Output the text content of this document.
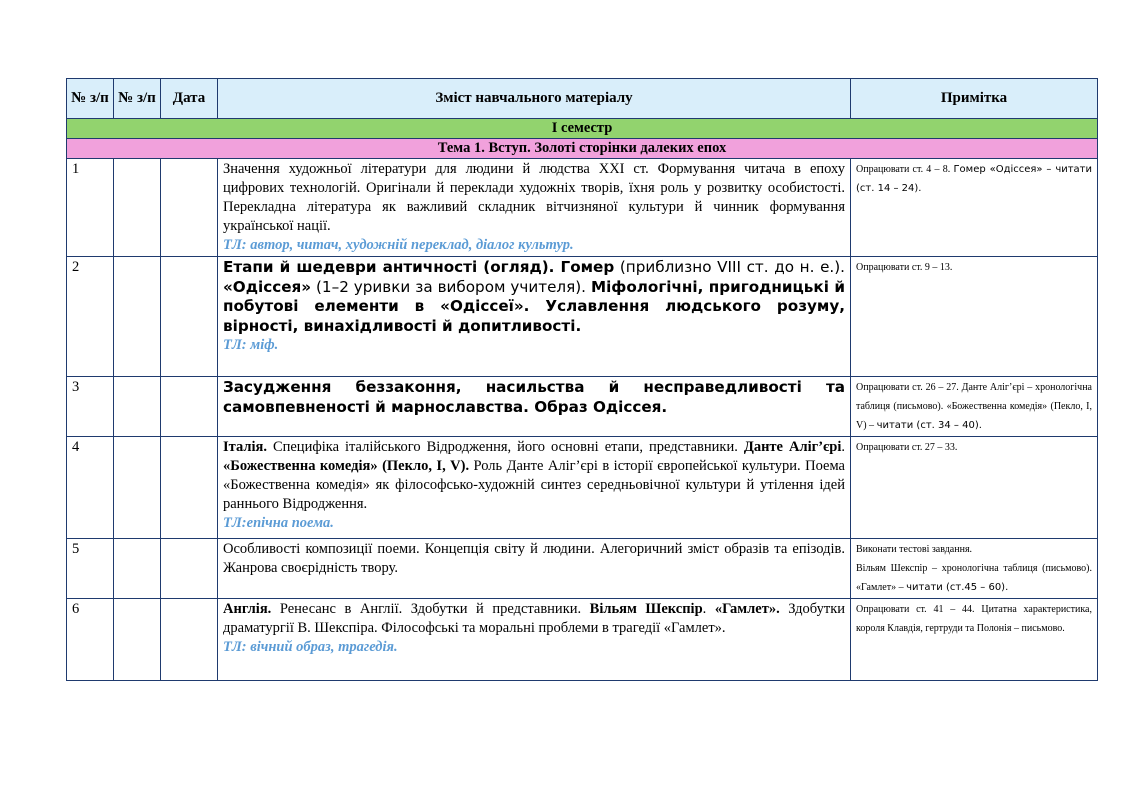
№ з/п	№ з/п	Дата	Зміст навчального матеріалу	Примітка
І семестр				
Тема 1. Вступ. Золоті сторінки далеких епох				
1			Значення художньої літератури для людини й людства XXI ст. Формування читача в епоху цифрових технологій. Оригінали й переклади художніх творів, їхня роль у розвитку особистості. Перекладна література як важливий складник вітчизняної культури й чинник формування української нації.
ТЛ: автор, читач, художній переклад, діалог культур.	Опрацювати ст. 4 – 8. Гомер «Одіссея» – читати (ст. 14 – 24).
2			Етапи й шедеври античності (огляд). Гомер (приблизно VIII ст. до н. е.). «Одіссея» (1–2 уривки за вибором учителя). Міфологічні, пригодницькі й побутові елементи в «Одіссеї». Уславлення людського розуму, вірності, винахідливості й допитливості.
ТЛ: міф.	Опрацювати ст. 9 – 13.
3			Засудження беззаконня, насильства й несправедливості та самовпевненості й марнославства. Образ Одіссея.	Опрацювати ст. 26 – 27. Данте Аліг’єрі – хронологічна таблиця (письмово). «Божественна комедія» (Пекло, І, V) – читати (ст. 34 – 40).
4			Італія. Специфіка італійського Відродження, його основні етапи, представники. Данте Аліг’єрі. «Божественна комедія» (Пекло, І, V). Роль Данте Аліг’єрі в історії європейської культури. Поема «Божественна комедія» як філософсько-художній синтез середньовічної культури й утілення ідей раннього Відродження.
ТЛ:епічна поема.	Опрацювати ст. 27 – 33.
5			Особливості композиції поеми. Концепція світу й людини. Алегоричний зміст образів та епізодів. Жанрова своєрідність твору.	Виконати тестові завдання.
Вільям Шекспір – хронологічна таблиця (письмово). «Гамлет» – читати (ст.45 – 60).
6			Англія. Ренесанс в Англії. Здобутки й представники. Вільям Шекспір. «Гамлет». Здобутки драматургії В. Шекспіра. Філософські та моральні проблеми в трагедії «Гамлет».
ТЛ: вічний образ, трагедія.	Опрацювати ст. 41 – 44. Цитатна характеристика, короля Клавдія, гертруди та Полонія – письмово.
